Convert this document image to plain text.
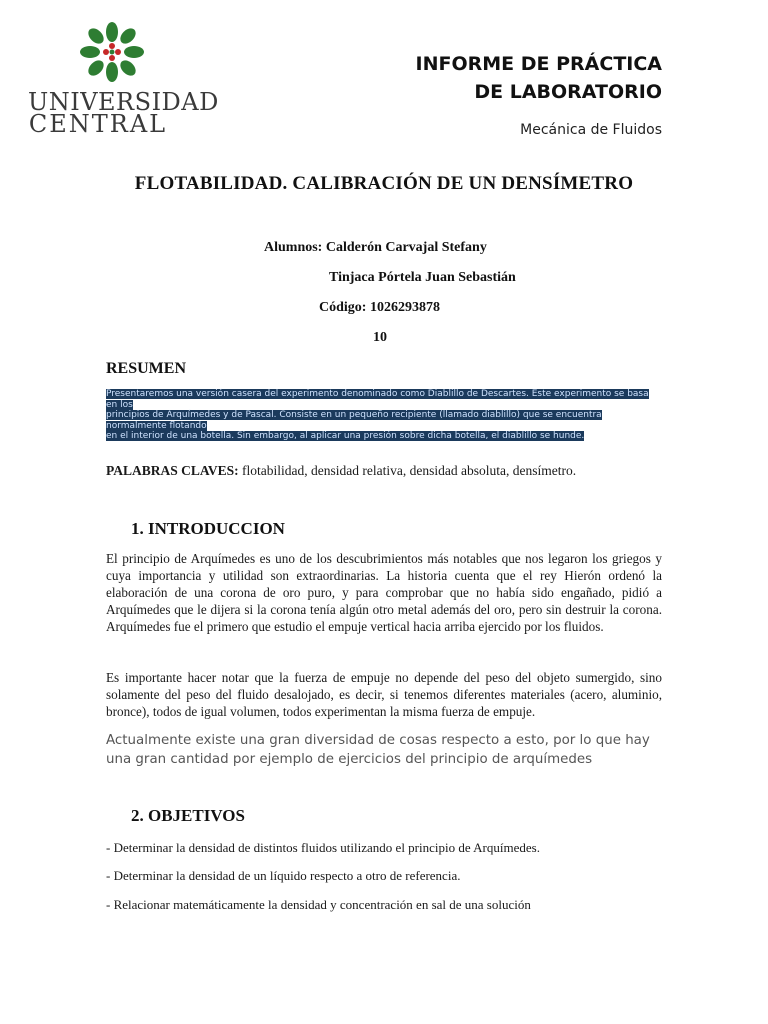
UNIVERSIDAD
CENTRAL
INFORME DE PRÁCTICA
DE LABORATORIO
Mecánica de Fluidos
FLOTABILIDAD. CALIBRACIÓN DE UN DENSÍMETRO
Alumnos: Calderón Carvajal Stefany
Tinjaca Pórtela Juan Sebastián
Código: 1026293878
10
RESUMEN
Presentaremos una versión casera del experimento denominado como Diablillo de Descartes. Este experimento se basa en los
principios de Arquímedes y de Pascal. Consiste en un pequeño recipiente (llamado diablillo) que se encuentra normalmente flotando
en el interior de una botella. Sin embargo, al aplicar una presión sobre dicha botella, el diablillo se hunde.
PALABRAS CLAVES: flotabilidad, densidad relativa, densidad absoluta, densímetro.
1. INTRODUCCION
El principio de Arquímedes es uno de los descubrimientos más notables que nos legaron los griegos y cuya importancia y utilidad son extraordinarias. La historia cuenta que el rey Hierón ordenó la elaboración de una corona de oro puro, y para comprobar que no había sido engañado, pidió a Arquímedes que le dijera si la corona tenía algún otro metal además del oro, pero sin destruir la corona. Arquímedes fue el primero que estudio el empuje vertical hacia arriba ejercido por los fluidos.
Es importante hacer notar que la fuerza de empuje no depende del peso del objeto sumergido, sino solamente del peso del fluido desalojado, es decir, si tenemos diferentes materiales (acero, aluminio, bronce), todos de igual volumen, todos experimentan la misma fuerza de empuje.
Actualmente existe una gran diversidad de cosas respecto a esto, por lo que hay una gran cantidad por ejemplo de ejercicios del principio de arquímedes
2. OBJETIVOS
- Determinar la densidad de distintos fluidos utilizando el principio de Arquímedes.
- Determinar la densidad de un líquido respecto a otro de referencia.
- Relacionar matemáticamente la densidad y concentración en sal de una solución
